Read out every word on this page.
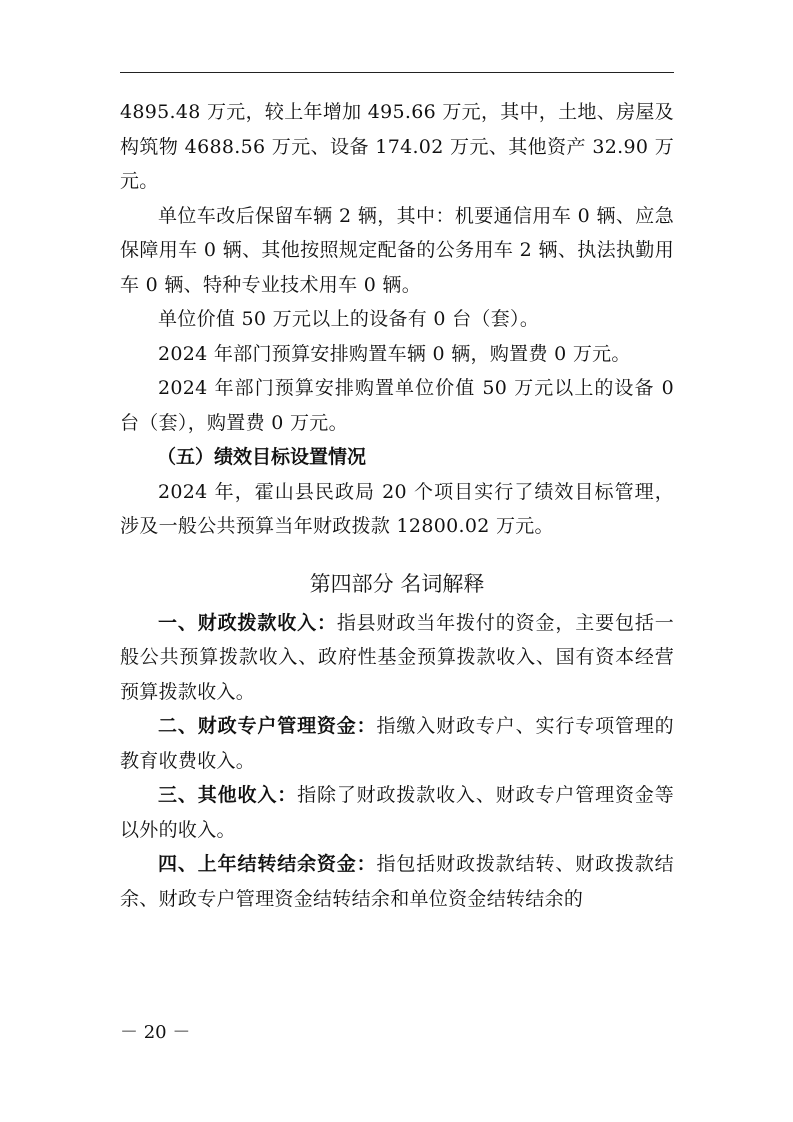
4895.48 万元，较上年增加 495.66 万元，其中，土地、房屋及构筑物 4688.56 万元、设备 174.02 万元、其他资产 32.90 万元。

单位车改后保留车辆 2 辆，其中：机要通信用车 0 辆、应急保障用车 0 辆、其他按照规定配备的公务用车 2 辆、执法执勤用车 0 辆、特种专业技术用车 0 辆。

单位价值 50 万元以上的设备有 0 台（套）。

2024 年部门预算安排购置车辆 0 辆，购置费 0 万元。

2024 年部门预算安排购置单位价值 50 万元以上的设备 0 台（套），购置费 0 万元。

（五）绩效目标设置情况

2024 年，霍山县民政局 20 个项目实行了绩效目标管理，涉及一般公共预算当年财政拨款 12800.02 万元。

第四部分 名词解释

一、财政拨款收入：指县财政当年拨付的资金，主要包括一般公共预算拨款收入、政府性基金预算拨款收入、国有资本经营预算拨款收入。

二、财政专户管理资金：指缴入财政专户、实行专项管理的教育收费收入。

三、其他收入：指除了财政拨款收入、财政专户管理资金等以外的收入。

四、上年结转结余资金：指包括财政拨款结转、财政拨款结余、财政专户管理资金结转结余和单位资金结转结余的

－ 20 －
